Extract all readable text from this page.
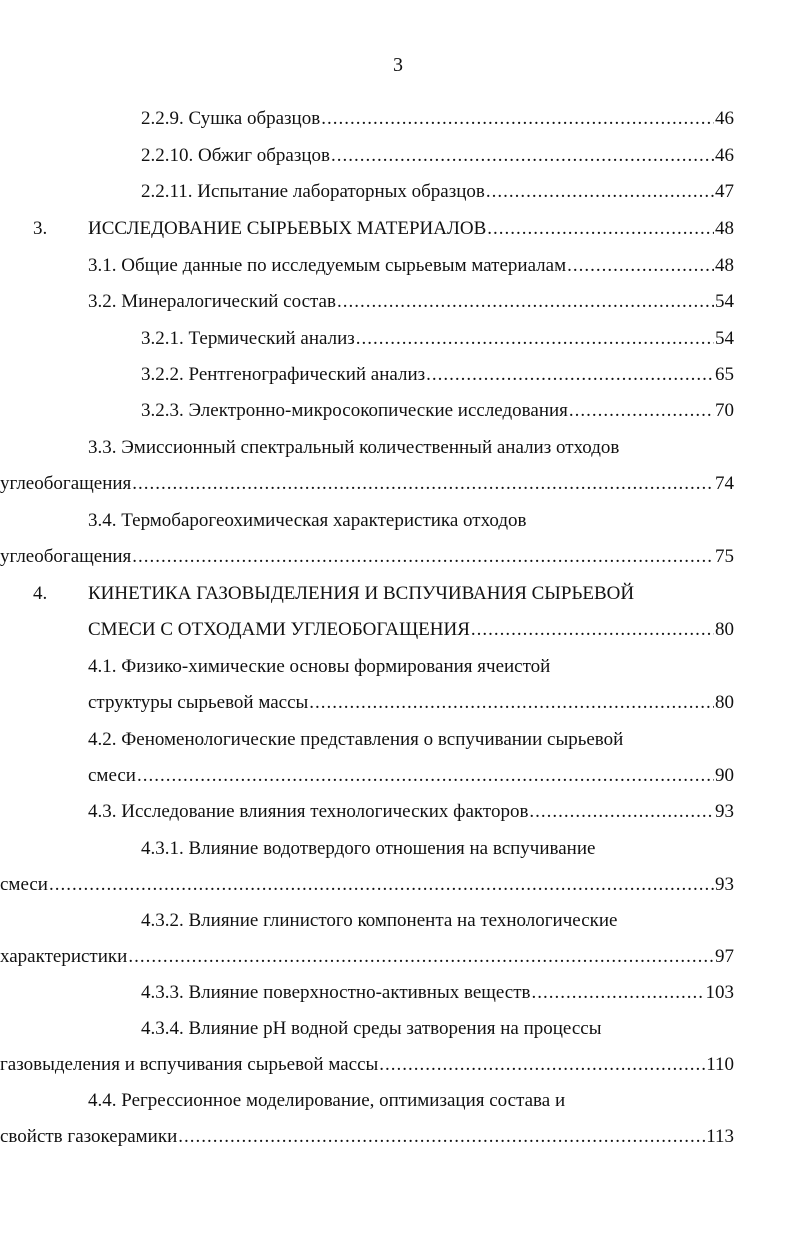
3
2.2.9. Сушка образцов .....	46
2.2.10. Обжиг образцов .....	46
2.2.11. Испытание лабораторных образцов .....	47
3. ИССЛЕДОВАНИЕ СЫРЬЕВЫХ МАТЕРИАЛОВ .....	48
3.1. Общие данные по исследуемым сырьевым материалам .....	48
3.2. Минералогический состав .....	54
3.2.1. Термический анализ .....	54
3.2.2. Рентгенографический анализ .....	65
3.2.3. Электронно-микросокопические исследования .....	70
3.3. Эмиссионный спектральный количественный анализ отходов
углеобогащения .....	74
3.4. Термобарогеохимическая характеристика отходов
углеобогащения .....	75
4. КИНЕТИКА ГАЗОВЫДЕЛЕНИЯ И ВСПУЧИВАНИЯ СЫРЬЕВОЙ
СМЕСИ С ОТХОДАМИ УГЛЕОБОГАЩЕНИЯ .....	80
4.1. Физико-химические основы формирования ячеистой
структуры сырьевой массы .....	80
4.2. Феноменологические представления о вспучивании сырьевой
смеси .....	90
4.3. Исследование влияния технологических факторов .....	93
4.3.1. Влияние водотвердого отношения на вспучивание
смеси .....	93
4.3.2. Влияние глинистого компонента на технологические
характеристики .....	97
4.3.3. Влияние поверхностно-активных веществ .....	103
4.3.4. Влияние pH водной среды затворения на процессы
газовыделения и вспучивания сырьевой массы .....	110
4.4. Регрессионное моделирование, оптимизация состава и
свойств газокерамики .....	113
